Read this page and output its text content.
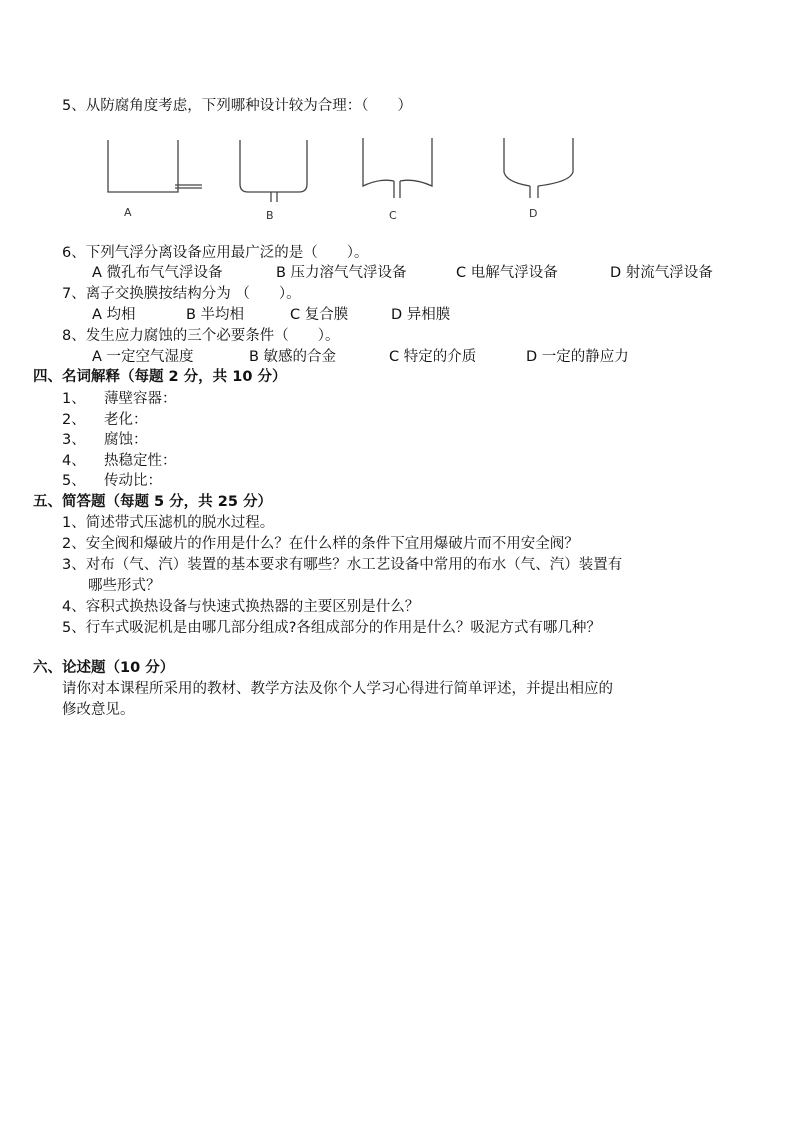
5、从防腐角度考虑，下列哪种设计较为合理：（　　）
A	B	C	D
6、下列气浮分离设备应用最广泛的是（　　）。
A 微孔布气气浮设备	B 压力溶气气浮设备	C 电解气浮设备	D 射流气浮设备
7、离子交换膜按结构分为 （　　）。
A 均相	B 半均相	C 复合膜	D 异相膜
8、发生应力腐蚀的三个必要条件（　　）。
A 一定空气湿度	B 敏感的合金	C 特定的介质	D 一定的静应力
四、名词解释（每题 2 分，共 10 分）
1、 薄壁容器：
2、 老化：
3、 腐蚀：
4、 热稳定性：
5、 传动比：
五、简答题（每题 5 分，共 25 分）
1、简述带式压滤机的脱水过程。
2、安全阀和爆破片的作用是什么？在什么样的条件下宜用爆破片而不用安全阀？
3、对布（气、汽）装置的基本要求有哪些？水工艺设备中常用的布水（气、汽）装置有
哪些形式？
4、容积式换热设备与快速式换热器的主要区别是什么？
5、行车式吸泥机是由哪几部分组成?各组成部分的作用是什么？吸泥方式有哪几种？
六、论述题（10 分）
请你对本课程所采用的教材、教学方法及你个人学习心得进行简单评述，并提出相应的
修改意见。
